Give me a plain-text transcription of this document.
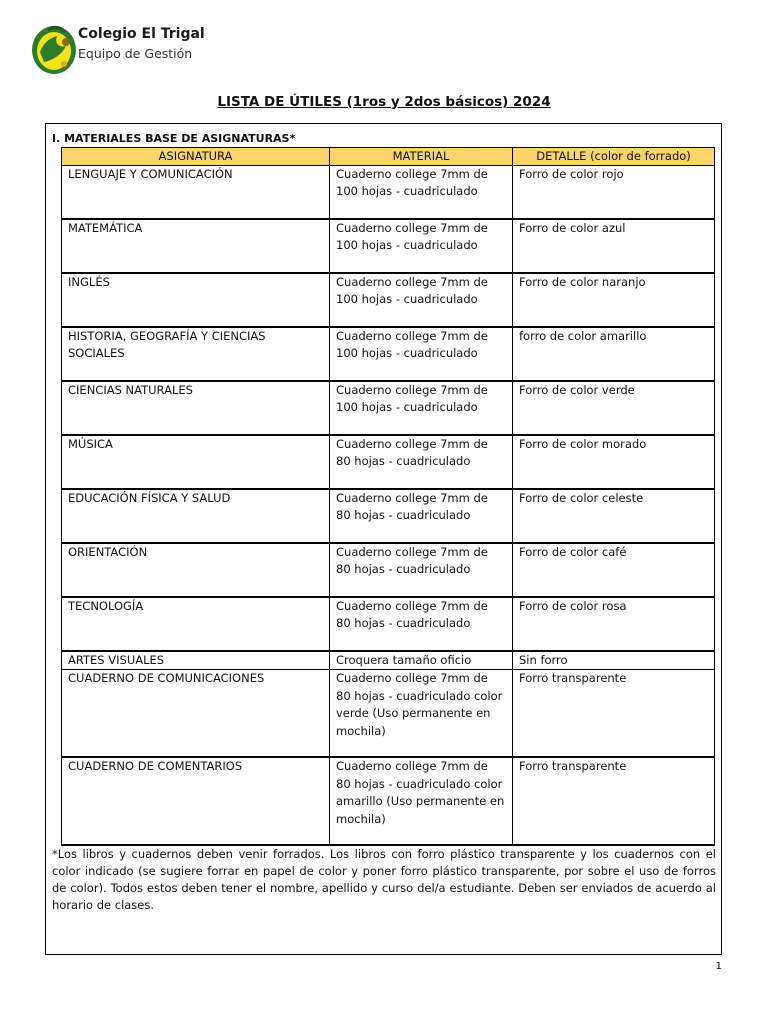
Colegio El Trigal
Equipo de Gestión
LISTA DE ÚTILES (1ros y 2dos básicos) 2024
I. MATERIALES BASE DE ASIGNATURAS*
ASIGNATURA	MATERIAL	DETALLE (color de forrado)
LENGUAJE Y COMUNICACIÓN	Cuaderno college 7mm de 100 hojas - cuadriculado	Forro de color rojo
MATEMÁTICA	Cuaderno college 7mm de 100 hojas - cuadriculado	Forro de color azul
INGLÉS	Cuaderno college 7mm de 100 hojas - cuadriculado	Forro de color naranjo
HISTORIA, GEOGRAFÍA Y CIENCIAS SOCIALES	Cuaderno college 7mm de 100 hojas - cuadriculado	forro de color amarillo
CIENCIAS NATURALES	Cuaderno college 7mm de 100 hojas - cuadriculado	Forro de color verde
MÚSICA	Cuaderno college 7mm de 80 hojas - cuadriculado	Forro de color morado
EDUCACIÓN FÍSICA Y SALUD	Cuaderno college 7mm de 80 hojas - cuadriculado	Forro de color celeste
ORIENTACIÓN	Cuaderno college 7mm de 80 hojas - cuadriculado	Forro de color café
TECNOLOGÍA	Cuaderno college 7mm de 80 hojas - cuadriculado	Forro de color rosa
ARTES VISUALES	Croquera tamaño oficio	Sin forro
CUADERNO DE COMUNICACIONES	Cuaderno college 7mm de 80 hojas - cuadriculado color verde (Uso permanente en mochila)	Forro transparente
CUADERNO DE COMENTARIOS	Cuaderno college 7mm de 80 hojas - cuadriculado color amarillo (Uso permanente en mochila)	Forro transparente
*Los libros y cuadernos deben venir forrados. Los libros con forro plástico transparente y los cuadernos con el color indicado (se sugiere forrar en papel de color y poner forro plástico transparente, por sobre el uso de forros de color). Todos estos deben tener el nombre, apellido y curso del/a estudiante. Deben ser enviados de acuerdo al horario de clases.
1
